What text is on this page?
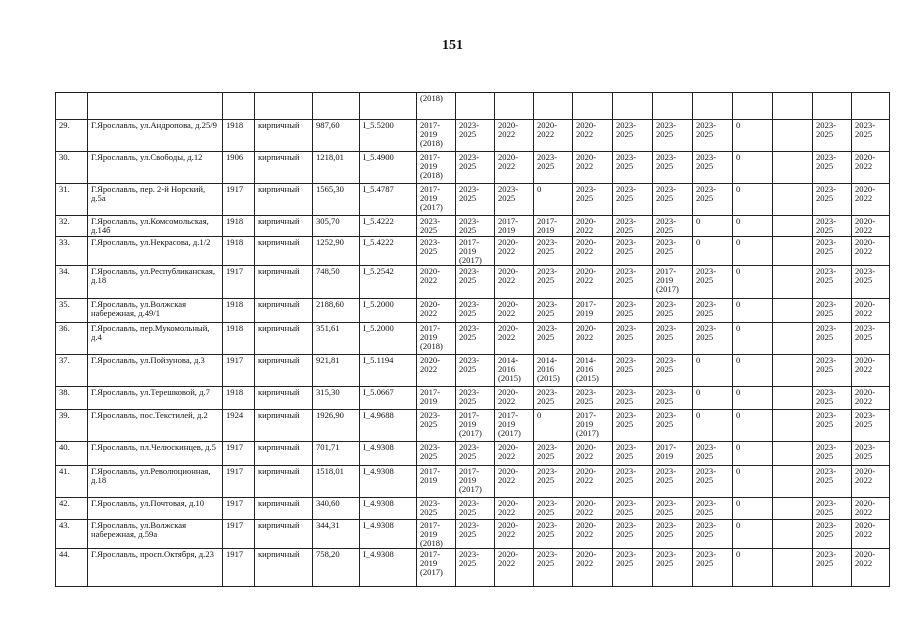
151
						(2018)											
29.	Г.Ярославль, ул.Андропова, д.25/9	1918	кирпичный	987,60	I_5.5200	2017-2019 (2018)	2023-2025	2020-2022	2020-2022	2020-2022	2023-2025	2023-2025	2023-2025	0		2023-2025	2023-2025
30.	Г.Ярославль, ул.Свободы, д.12	1906	кирпичный	1218,01	I_5.4900	2017-2019 (2018)	2023-2025	2020-2022	2023-2025	2020-2022	2023-2025	2023-2025	2023-2025	0		2023-2025	2020-2022
31.	Г.Ярославль, пер. 2-й Норский, д.5а	1917	кирпичный	1565,30	I_5.4787	2017-2019 (2017)	2023-2025	2023-2025	0	2023-2025	2023-2025	2023-2025	2023-2025	0		2023-2025	2020-2022
32.	Г.Ярославль, ул.Комсомольская, д.14б	1918	кирпичный	305,70	I_5.4222	2023-2025	2023-2025	2017-2019	2017-2019	2020-2022	2023-2025	2023-2025	0	0		2023-2025	2020-2022
33.	Г.Ярославль, ул.Некрасова, д.1/2	1918	кирпичный	1252,90	I_5.4222	2023-2025	2017-2019 (2017)	2020-2022	2023-2025	2020-2022	2023-2025	2023-2025	0	0		2023-2025	2020-2022
34.	Г.Ярославль, ул.Республиканская, д.18	1917	кирпичный	748,50	I_5.2542	2020-2022	2023-2025	2020-2022	2023-2025	2020-2022	2023-2025	2017-2019 (2017)	2023-2025	0		2023-2025	2023-2025
35.	Г.Ярославль, ул.Волжская набережная, д.49/1	1918	кирпичный	2188,60	I_5.2000	2020-2022	2023-2025	2020-2022	2023-2025	2017-2019	2023-2025	2023-2025	2023-2025	0		2023-2025	2020-2022
36.	Г.Ярославль, пер.Мукомольный, д.4	1918	кирпичный	351,61	I_5.2000	2017-2019 (2018)	2023-2025	2020-2022	2023-2025	2020-2022	2023-2025	2023-2025	2023-2025	0		2023-2025	2023-2025
37.	Г.Ярославль, ул.Пойзунова, д.3	1917	кирпичный	921,81	I_5.1194	2020-2022	2023-2025	2014-2016 (2015)	2014-2016 (2015)	2014-2016 (2015)	2023-2025	2023-2025	0	0		2023-2025	2020-2022
38.	Г.Ярославль, ул.Терешковой, д.7	1918	кирпичный	315,30	I_5.0667	2017-2019	2023-2025	2020-2022	2023-2025	2023-2025	2023-2025	2023-2025	0	0		2023-2025	2020-2022
39.	Г.Ярославль, пос.Текстилей, д.2	1924	кирпичный	1926,90	I_4.9688	2023-2025	2017-2019 (2017)	2017-2019 (2017)	0	2017-2019 (2017)	2023-2025	2023-2025	0	0		2023-2025	2023-2025
40.	Г.Ярославль, пл.Челюскинцев, д.5	1917	кирпичный	701,71	I_4.9308	2023-2025	2023-2025	2020-2022	2023-2025	2020-2022	2023-2025	2017-2019	2023-2025	0		2023-2025	2023-2025
41.	Г.Ярославль, ул.Революционная, д.18	1917	кирпичный	1518,01	I_4.9308	2017-2019	2017-2019 (2017)	2020-2022	2023-2025	2020-2022	2023-2025	2023-2025	2023-2025	0		2023-2025	2020-2022
42.	Г.Ярославль, ул.Почтовая, д.10	1917	кирпичный	340,60	I_4.9308	2023-2025	2023-2025	2020-2022	2023-2025	2020-2022	2023-2025	2023-2025	2023-2025	0		2023-2025	2020-2022
43.	Г.Ярославль, ул.Волжская набережная, д.59а	1917	кирпичный	344,31	I_4.9308	2017-2019 (2018)	2023-2025	2020-2022	2023-2025	2020-2022	2023-2025	2023-2025	2023-2025	0		2023-2025	2020-2022
44.	Г.Ярославль, просп.Октября, д.23	1917	кирпичный	758,20	I_4.9308	2017-2019 (2017)	2023-2025	2020-2022	2023-2025	2020-2022	2023-2025	2023-2025	2023-2025	0		2023-2025	2020-2022
